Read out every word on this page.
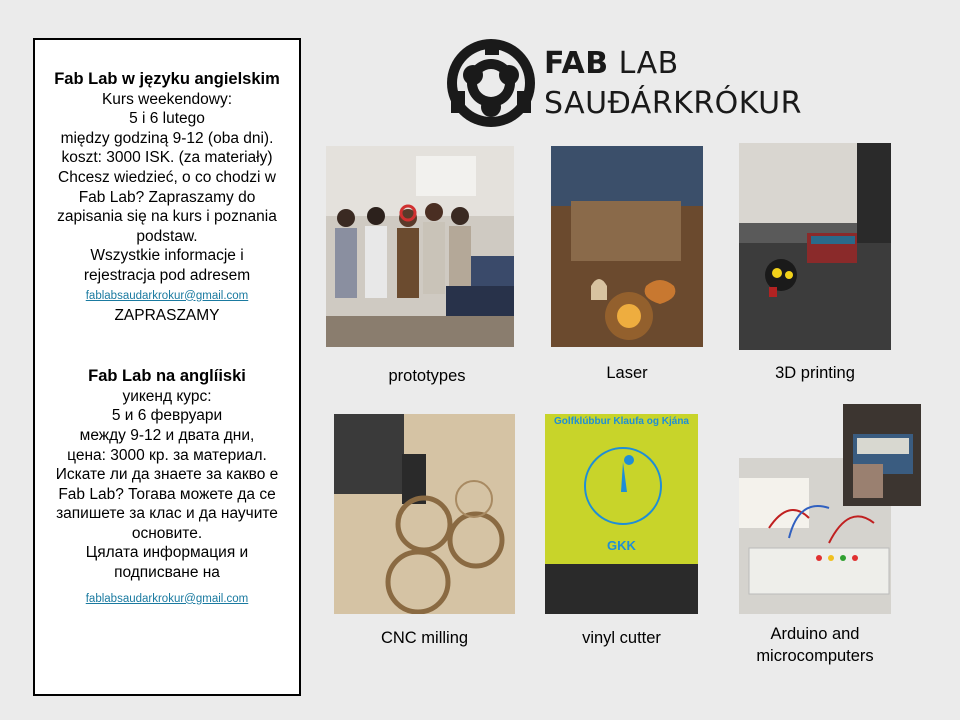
Fab Lab w języku angielskim
Kurs weekendowy:
5 i 6 lutego
między godziną 9-12 (oba dni).
koszt: 3000 ISK. (za materiały)
Chcesz wiedzieć, o co chodzi w
Fab Lab? Zapraszamy do
zapisania się na kurs i poznania
podstaw.
Wszystkie informacje i
rejestracja pod adresem
fablabsaudarkrokur@gmail.com
ZAPRASZAMY
Fab Lab na anglíiski
уикенд курс:
5 и 6 февруари
между 9-12 и двата дни,
цена: 3000 кр. за материал.
Искате ли да знаете за какво е
Fab Lab? Тогава можете да се
запишете за клас и да научите
основите.
Цялата информация и
подписване на
fablabsaudarkrokur@gmail.com
FAB LAB
SAUÐÁRKRÓKUR
Golfklúbbur Klaufa og Kjána
GKK
prototypes	Laser	3D printing
CNC milling	vinyl cutter	Arduino and
microcomputers
